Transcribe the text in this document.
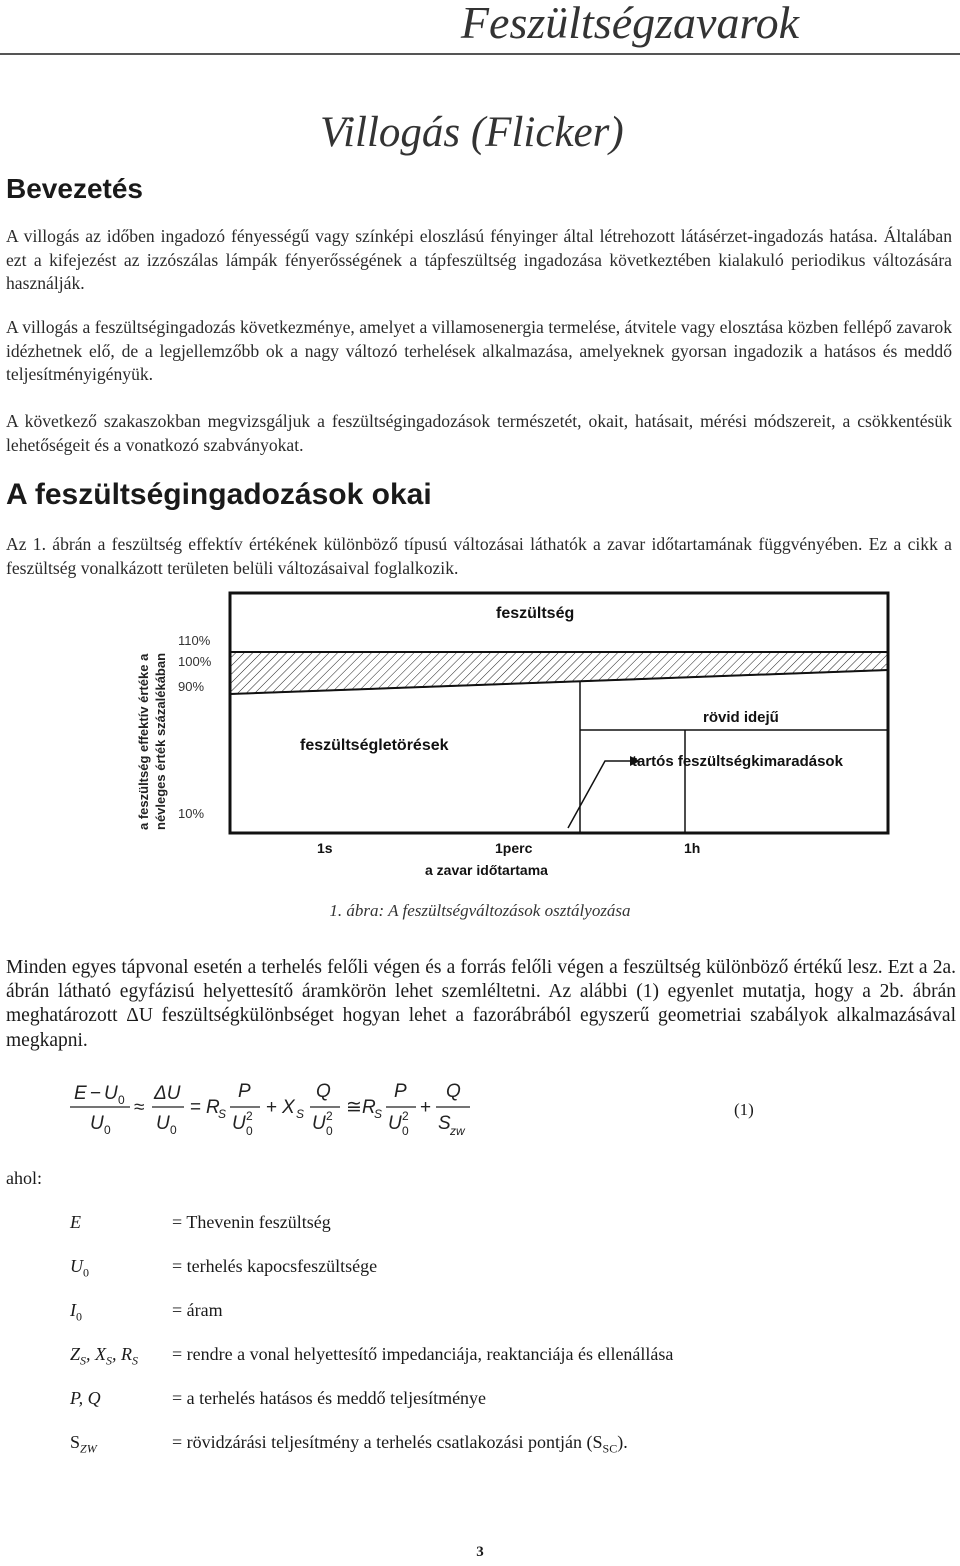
Feszültségzavarok
Villogás (Flicker)
Bevezetés
A villogás az időben ingadozó fényességű vagy színképi eloszlású fényinger által létrehozott látásérzet-ingadozás hatása. Általában ezt a kifejezést az izzószálas lámpák fényerősségének a tápfeszültség ingadozása következtében kialakuló periodikus változására használják.
A villogás a feszültségingadozás következménye, amelyet a villamosenergia termelése, átvitele vagy elosztása közben fellépő zavarok idézhetnek elő, de a legjellemzőbb ok a nagy változó terhelések alkalmazása, amelyeknek gyorsan ingadozik a hatásos és meddő teljesítményigényük.
A következő szakaszokban megvizsgáljuk a feszültségingadozások természetét, okait, hatásait, mérési módszereit, a csökkentésük lehetőségeit és a vonatkozó szabványokat.
A feszültségingadozások okai
Az 1. ábrán a feszültség effektív értékének különböző típusú változásai láthatók a zavar időtartamának függvényében. Ez a cikk a feszültség vonalkázott területen belüli változásaival foglalkozik.
a feszültség effektív értéke a névleges érték százalékában
110%
100%
90%
10%
feszültség
feszültségletörések
rövid idejű
tartós feszültségkimaradások
1s	1perc	1h
a zavar időtartama
1. ábra: A feszültségváltozások osztályozása
Minden egyes tápvonal esetén a terhelés felőli végen és a forrás felőli végen a feszültség különböző értékű lesz. Ezt a 2a. ábrán látható egyfázisú helyettesítő áramkörön lehet szemléltetni. Az alábbi (1) egyenlet mutatja, hogy a 2b. ábrán meghatározott ΔU feszültségkülönbséget hogyan lehet a fazorábrából egyszerű geometriai szabályok alkalmazásával megkapni.
E − U 0
U 0
≈
ΔU
U 0
= R
S
P
U 2
0
+ X S
Q
U 2
0
≅ R
S
P
U 2
0
+
Q
S zw
(1)
ahol:
E	= Thevenin feszültség
$U_0$	= terhelés kapocsfeszültsége
$I_0$	= áram
$Z_S$, $X_S$, $R_S$ = rendre a vonal helyettesítő impedanciája, reaktanciája és ellenállása
P, Q	= a terhelés hatásos és meddő teljesítménye
$S_{ZW}$	= rövidzárási teljesítmény a terhelés csatlakozási pontján $(S_{SC})$.
3
